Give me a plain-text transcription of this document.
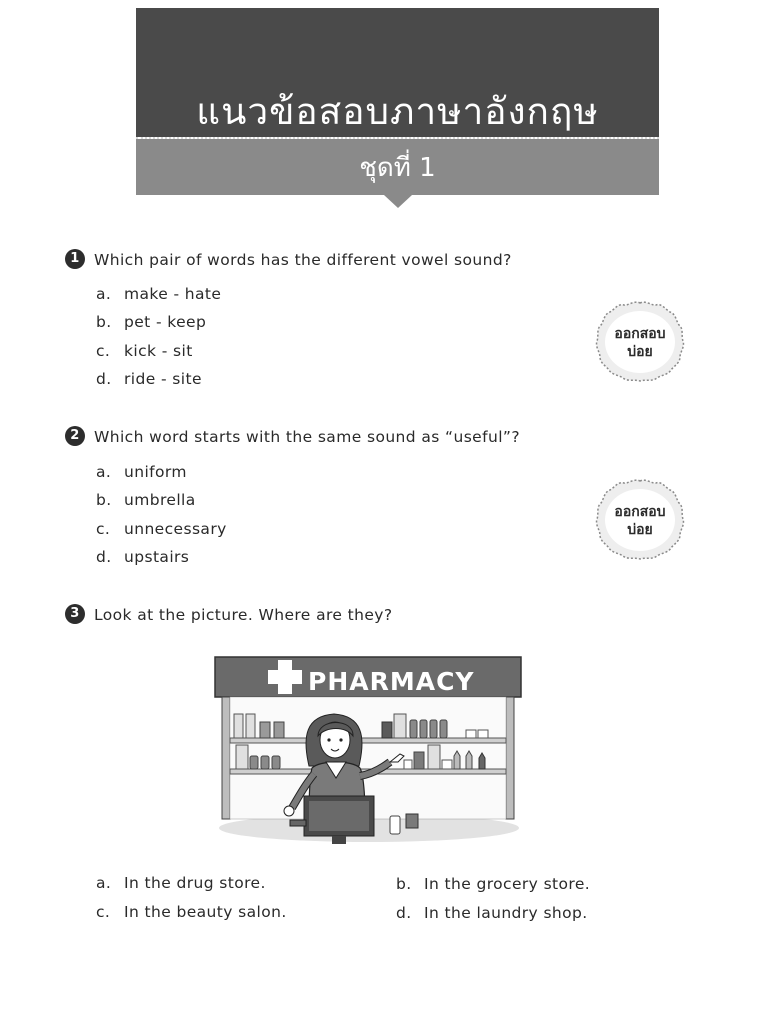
แนวข้อสอบภาษาอังกฤษ
ชุดที่ 1
1 Which pair of words has the different vowel sound?
a. make - hate
b. pet - keep
c. kick - sit
d. ride - site
ออกสอบ
บ่อย
2 Which word starts with the same sound as “useful”?
a. uniform
b. umbrella
c. unnecessary
d. upstairs
ออกสอบ
บ่อย
3 Look at the picture. Where are they?
PHARMACY
a. In the drug store.	b. In the grocery store.
c. In the beauty salon.	d. In the laundry shop.
